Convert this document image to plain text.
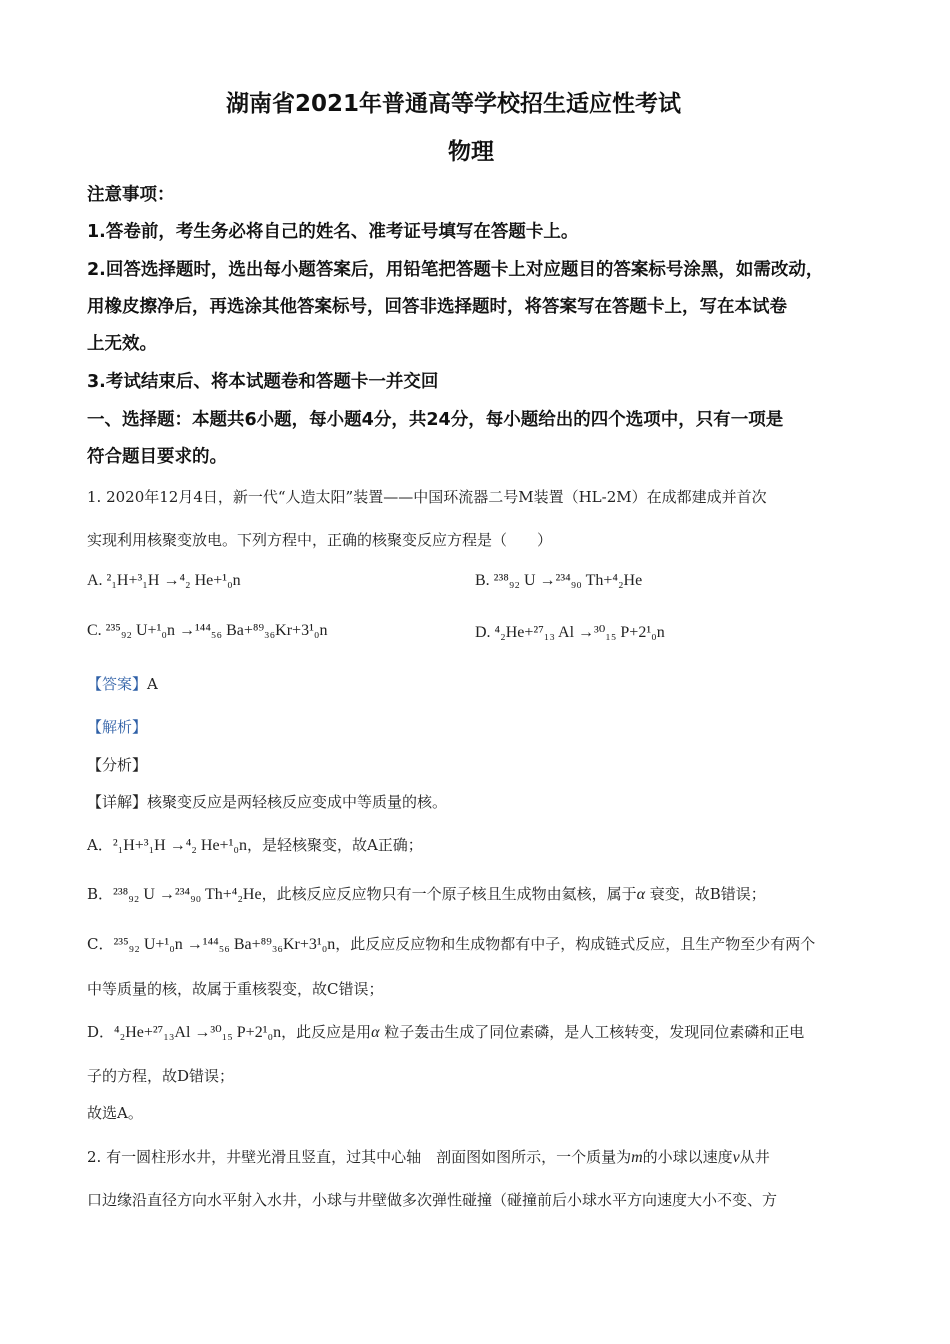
湖南省2021年普通高等学校招生适应性考试
物理
注意事项：
1.答卷前，考生务必将自己的姓名、准考证号填写在答题卡上。
2.回答选择题时，选出每小题答案后，用铅笔把答题卡上对应题目的答案标号涂黑，如需改动，
用橡皮擦净后，再选涂其他答案标号，回答非选择题时，将答案写在答题卡上，写在本试卷
上无效。
3.考试结束后、将本试题卷和答题卡一并交回
一、选择题：本题共6小题，每小题4分，共24分，每小题给出的四个选项中，只有一项是
符合题目要求的。
1. 2020年12月4日，新一代“人造太阳”装置——中国环流器二号M装置（HL-2M）在成都建成并首次
实现利用核聚变放电。下列方程中，正确的核聚变反应方程是（　　）
A. ²₁H+³₁H →⁴₂ He+¹₀n	B. ²³⁸₉₂ U →²³⁴₉₀ Th+⁴₂He
C. ²³⁵₉₂ U+¹₀n →¹⁴⁴₅₆ Ba+⁸⁹₃₆Kr+3¹₀n	D. ⁴₂He+²⁷₁₃ Al →³⁰₁₅ P+2¹₀n
【答案】A
【解析】
【分析】
【详解】核聚变反应是两轻核反应变成中等质量的核。
A．²₁H+³₁H →⁴₂ He+¹₀n，是轻核聚变，故A正确；
B．²³⁸₉₂ U →²³⁴₉₀ Th+⁴₂He，此核反应反应物只有一个原子核且生成物由氦核，属于α 衰变，故B错误；
C．²³⁵₉₂ U+¹₀n →¹⁴⁴₅₆ Ba+⁸⁹₃₆Kr+3¹₀n，此反应反应物和生成物都有中子，构成链式反应，且生产物至少有两个
中等质量的核，故属于重核裂变，故C错误；
D．⁴₂He+²⁷₁₃Al →³⁰₁₅ P+2¹₀n，此反应是用α 粒子轰击生成了同位素磷，是人工核转变，发现同位素磷和正电
子的方程，故D错误；
故选A。
2. 有一圆柱形水井，井壁光滑且竖直，过其中心轴　剖面图如图所示，一个质量为m的小球以速度v从井
口边缘沿直径方向水平射入水井，小球与井壁做多次弹性碰撞（碰撞前后小球水平方向速度大小不变、方
